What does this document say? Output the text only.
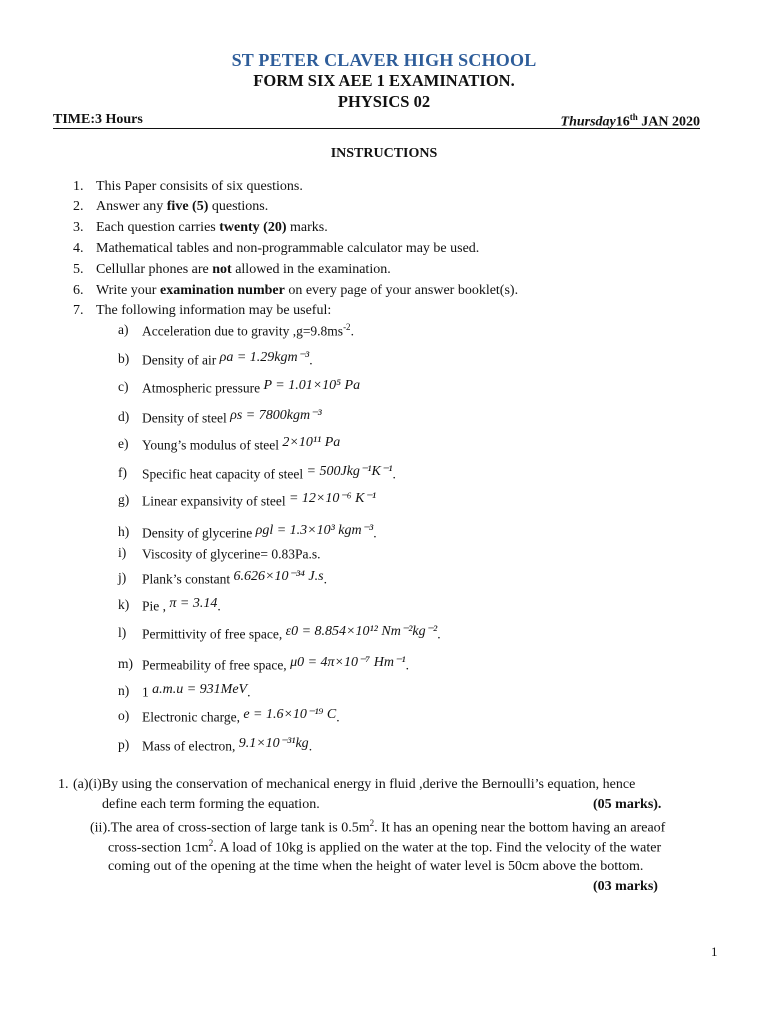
ST PETER CLAVER HIGH SCHOOL
FORM SIX AEE 1 EXAMINATION.
PHYSICS 02
TIME:3 Hours	Thursday16th JAN 2020
INSTRUCTIONS
1. This Paper consisits of six questions.
2. Answer any five (5) questions.
3. Each question carries twenty (20) marks.
4. Mathematical tables and non-programmable calculator may be used.
5. Cellullar phones are not allowed in the examination.
6. Write your examination number on every page of your answer booklet(s).
7. The following information may be useful:
a) Acceleration due to gravity $,g=9.8ms^{-2}$.
b) Density of air ρa = 1.29kgm⁻³.
c) Atmospheric pressure P = 1.01×10⁵ Pa
d) Density of steel ρs = 7800kgm⁻³
e) Young’s modulus of steel 2×10¹¹ Pa
f) Specific heat capacity of steel = 500Jkg⁻¹K⁻¹.
g) Linear expansivity of steel = 12×10⁻⁶ K⁻¹
h) Density of glycerine ρgl = 1.3×10³ kgm⁻³.
i) Viscosity of glycerine= 0.83Pa.s.
j) Plank’s constant 6.626×10⁻³⁴ J.s.
k) Pie , π = 3.14.
l) Permittivity of free space, ε0 = 8.854×10¹² Nm⁻²kg⁻².
m) Permeability of free space, μ0 = 4π×10⁻⁷ Hm⁻¹.
n) 1 a.m.u = 931MeV.
o) Electronic charge, e = 1.6×10⁻¹⁹ C.
p) Mass of electron, 9.1×10⁻³¹kg.
1. (a)(i)By using the conservation of mechanical energy in fluid ,derive the Bernoulli’s equation, hence
define each term forming the equation.	(05 marks).
(ii).The area of cross-section of large tank is $0.5m^2$. It has an opening near the bottom having an areaof
cross-section $1cm^2$. A load of 10kg is applied on the water at the top. Find the velocity of the water
coming out of the opening at the time when the height of water level is 50cm above the bottom.
(03 marks)
1
